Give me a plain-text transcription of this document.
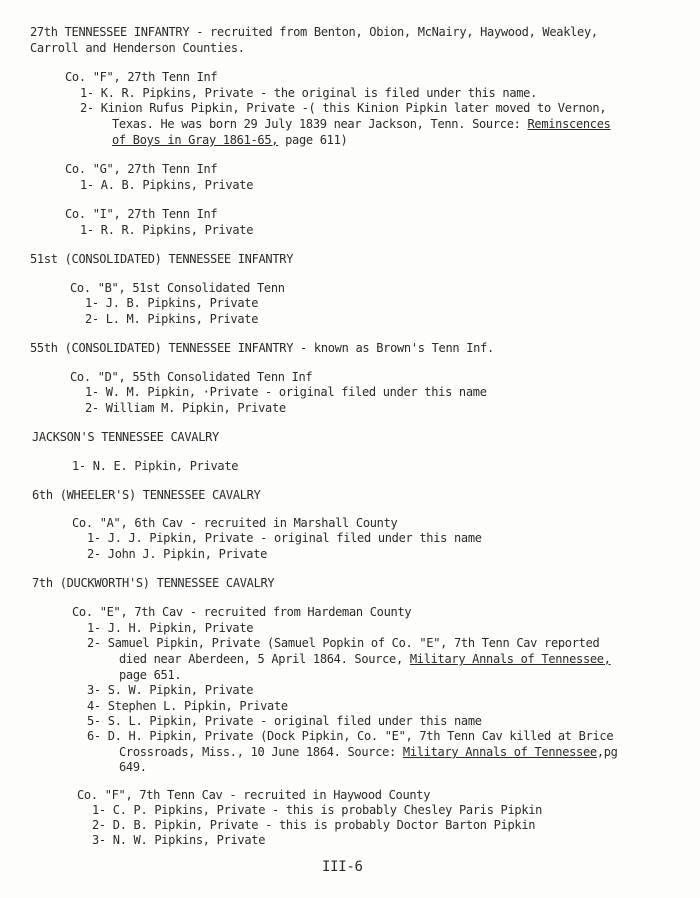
27th TENNESSEE INFANTRY - recruited from Benton, Obion, McNairy, Haywood, Weakley,
Carroll and Henderson Counties.
Co. "F", 27th Tenn Inf
1- K. R. Pipkins, Private - the original is filed under this name.
2- Kinion Rufus Pipkin, Private -( this Kinion Pipkin later moved to Vernon,
Texas. He was born 29 July 1839 near Jackson, Tenn. Source: Reminscences
of Boys in Gray 1861-65, page 611)
Co. "G", 27th Tenn Inf
1- A. B. Pipkins, Private
Co. "I", 27th Tenn Inf
1- R. R. Pipkins, Private
51st (CONSOLIDATED) TENNESSEE INFANTRY
Co. "B", 51st Consolidated Tenn
1- J. B. Pipkins, Private
2- L. M. Pipkins, Private
55th (CONSOLIDATED) TENNESSEE INFANTRY - known as Brown's Tenn Inf.
Co. "D", 55th Consolidated Tenn Inf
1- W. M. Pipkin, ·Private - original filed under this name
2- William M. Pipkin, Private
JACKSON'S TENNESSEE CAVALRY
1- N. E. Pipkin, Private
6th (WHEELER'S) TENNESSEE CAVALRY
Co. "A", 6th Cav - recruited in Marshall County
1- J. J. Pipkin, Private - original filed under this name
2- John J. Pipkin, Private
7th (DUCKWORTH'S) TENNESSEE CAVALRY
Co. "E", 7th Cav - recruited from Hardeman County
1- J. H. Pipkin, Private
2- Samuel Pipkin, Private (Samuel Popkin of Co. "E", 7th Tenn Cav reported
died near Aberdeen, 5 April 1864. Source, Military Annals of Tennessee,
page 651.
3- S. W. Pipkin, Private
4- Stephen L. Pipkin, Private
5- S. L. Pipkin, Private - original filed under this name
6- D. H. Pipkin, Private (Dock Pipkin, Co. "E", 7th Tenn Cav killed at Brice
Crossroads, Miss., 10 June 1864. Source: Military Annals of Tennessee,pg
649.
Co. "F", 7th Tenn Cav - recruited in Haywood County
1- C. P. Pipkins, Private - this is probably Chesley Paris Pipkin
2- D. B. Pipkin, Private - this is probably Doctor Barton Pipkin
3- N. W. Pipkins, Private
III-6
